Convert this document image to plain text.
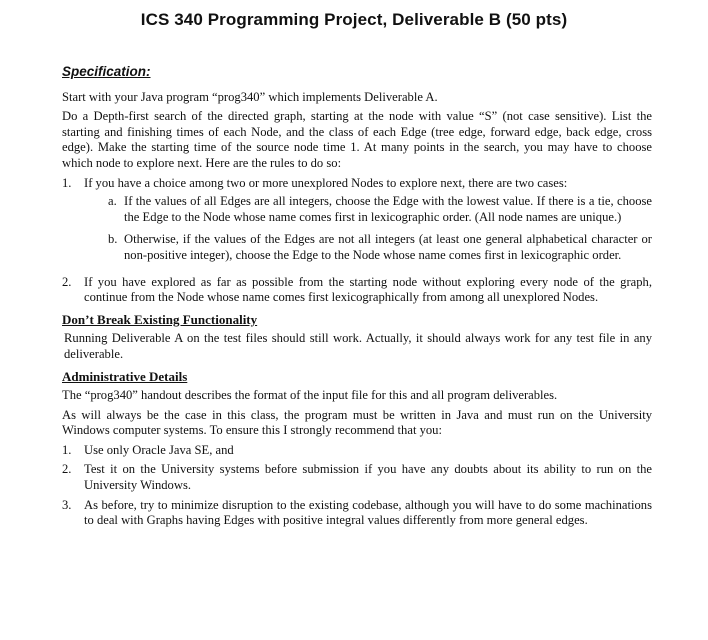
ICS 340 Programming Project, Deliverable B (50 pts)
Specification:

Start with your Java program “prog340” which implements Deliverable A.

Do a Depth-first search of the directed graph, starting at the node with value “S” (not case sensitive). List the starting and finishing times of each Node, and the class of each Edge (tree edge, forward edge, back edge, cross edge). Make the starting time of the source node time 1. At many points in the search, you may have to choose which node to explore next. Here are the rules to do so:

1. If you have a choice among two or more unexplored Nodes to explore next, there are two cases:
a. If the values of all Edges are all integers, choose the Edge with the lowest value. If there is a tie, choose the Edge to the Node whose name comes first in lexicographic order. (All node names are unique.)
b. Otherwise, if the values of the Edges are not all integers (at least one general alphabetical character or non-positive integer), choose the Edge to the Node whose name comes first in lexicographic order.
2. If you have explored as far as possible from the starting node without exploring every node of the graph, continue from the Node whose name comes first lexicographically from among all unexplored Nodes.
Don’t Break Existing Functionality

Running Deliverable A on the test files should still work. Actually, it should always work for any test file in any deliverable.

Administrative Details

The “prog340” handout describes the format of the input file for this and all program deliverables.

As will always be the case in this class, the program must be written in Java and must run on the University Windows computer systems. To ensure this I strongly recommend that you:

1. Use only Oracle Java SE, and
2. Test it on the University systems before submission if you have any doubts about its ability to run on the University Windows.
3. As before, try to minimize disruption to the existing codebase, although you will have to do some machinations to deal with Graphs having Edges with positive integral values differently from more general edges.
